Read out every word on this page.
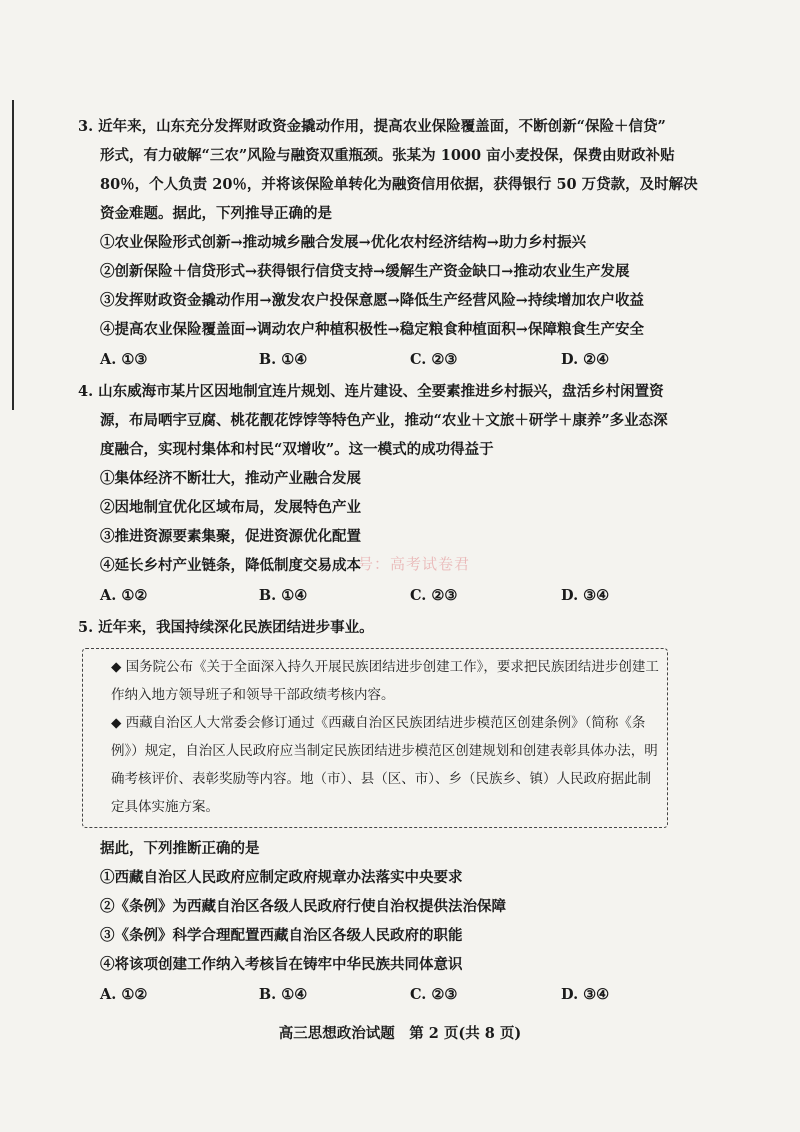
3. 近年来，山东充分发挥财政资金撬动作用，提高农业保险覆盖面，不断创新“保险＋信贷”

形式，有力破解“三农”风险与融资双重瓶颈。张某为 1000 亩小麦投保，保费由财政补贴

80％，个人负责 20％，并将该保险单转化为融资信用依据，获得银行 50 万贷款，及时解决

资金难题。据此，下列推导正确的是

①农业保险形式创新→推动城乡融合发展→优化农村经济结构→助力乡村振兴

②创新保险＋信贷形式→获得银行信贷支持→缓解生产资金缺口→推动农业生产发展

③发挥财政资金撬动作用→激发农户投保意愿→降低生产经营风险→持续增加农户收益

④提高农业保险覆盖面→调动农户种植积极性→稳定粮食种植面积→保障粮食生产安全

A. ①③	B. ①④	C. ②③	D. ②④

4. 山东威海市某片区因地制宜连片规划、连片建设、全要素推进乡村振兴，盘活乡村闲置资

源，布局哂宇豆腐、桃花靓花饽饽等特色产业，推动“农业＋文旅＋研学＋康养”多业态深

度融合，实现村集体和村民“双增收”。这一模式的成功得益于

①集体经济不断壮大，推动产业融合发展

②因地制宜优化区域布局，发展特色产业

③推进资源要素集聚，促进资源优化配置

④延长乡村产业链条，降低制度交易成本

A. ①②	B. ①④	C. ②③	D. ③④

5. 近年来，我国持续深化民族团结进步事业。

◆ 国务院公布《关于全面深入持久开展民族团结进步创建工作》，要求把民族团结进步创建工作纳入地方领导班子和领导干部政绩考核内容。

◆ 西藏自治区人大常委会修订通过《西藏自治区民族团结进步模范区创建条例》（简称《条例》）规定，自治区人民政府应当制定民族团结进步模范区创建规划和创建表彰具体办法，明确考核评价、表彰奖励等内容。地（市）、县（区、市）、乡（民族乡、镇）人民政府据此制定具体实施方案。

据此，下列推断正确的是

①西藏自治区人民政府应制定政府规章办法落实中央要求

②《条例》为西藏自治区各级人民政府行使自治权提供法治保障

③《条例》科学合理配置西藏自治区各级人民政府的职能

④将该项创建工作纳入考核旨在铸牢中华民族共同体意识

A. ①②	B. ①④	C. ②③	D. ③④
号：高考试卷君
高三思想政治试题　第 2 页(共 8 页)
